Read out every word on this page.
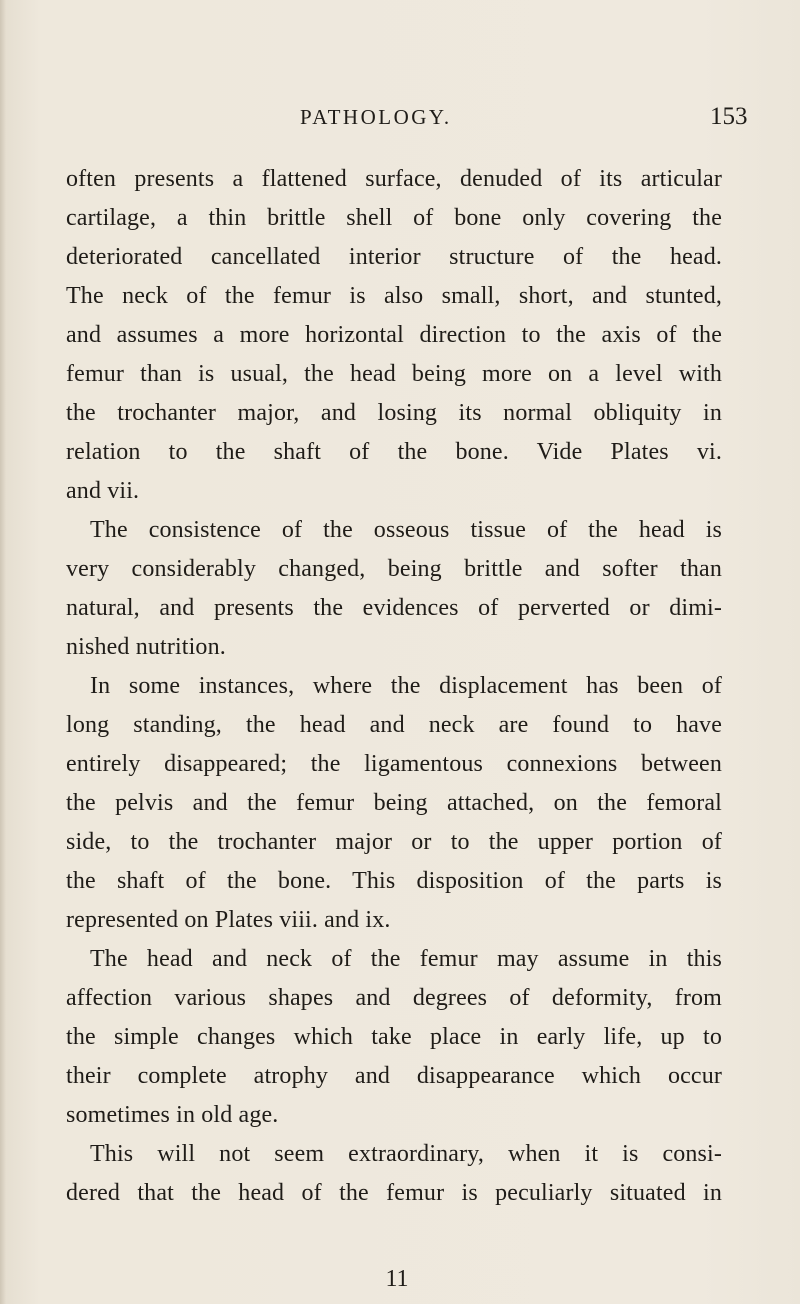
PATHOLOGY.	153
often presents a flattened surface, denuded of its articular
cartilage, a thin brittle shell of bone only covering the
deteriorated cancellated interior structure of the head.
The neck of the femur is also small, short, and stunted,
and assumes a more horizontal direction to the axis of the
femur than is usual, the head being more on a level with
the trochanter major, and losing its normal obliquity in
relation to the shaft of the bone. Vide Plates vi.
and vii.
The consistence of the osseous tissue of the head is
very considerably changed, being brittle and softer than
natural, and presents the evidences of perverted or dimi-
nished nutrition.
In some instances, where the displacement has been of
long standing, the head and neck are found to have
entirely disappeared; the ligamentous connexions between
the pelvis and the femur being attached, on the femoral
side, to the trochanter major or to the upper portion of
the shaft of the bone. This disposition of the parts is
represented on Plates viii. and ix.
The head and neck of the femur may assume in this
affection various shapes and degrees of deformity, from
the simple changes which take place in early life, up to
their complete atrophy and disappearance which occur
sometimes in old age.
This will not seem extraordinary, when it is consi-
dered that the head of the femur is peculiarly situated in
11
